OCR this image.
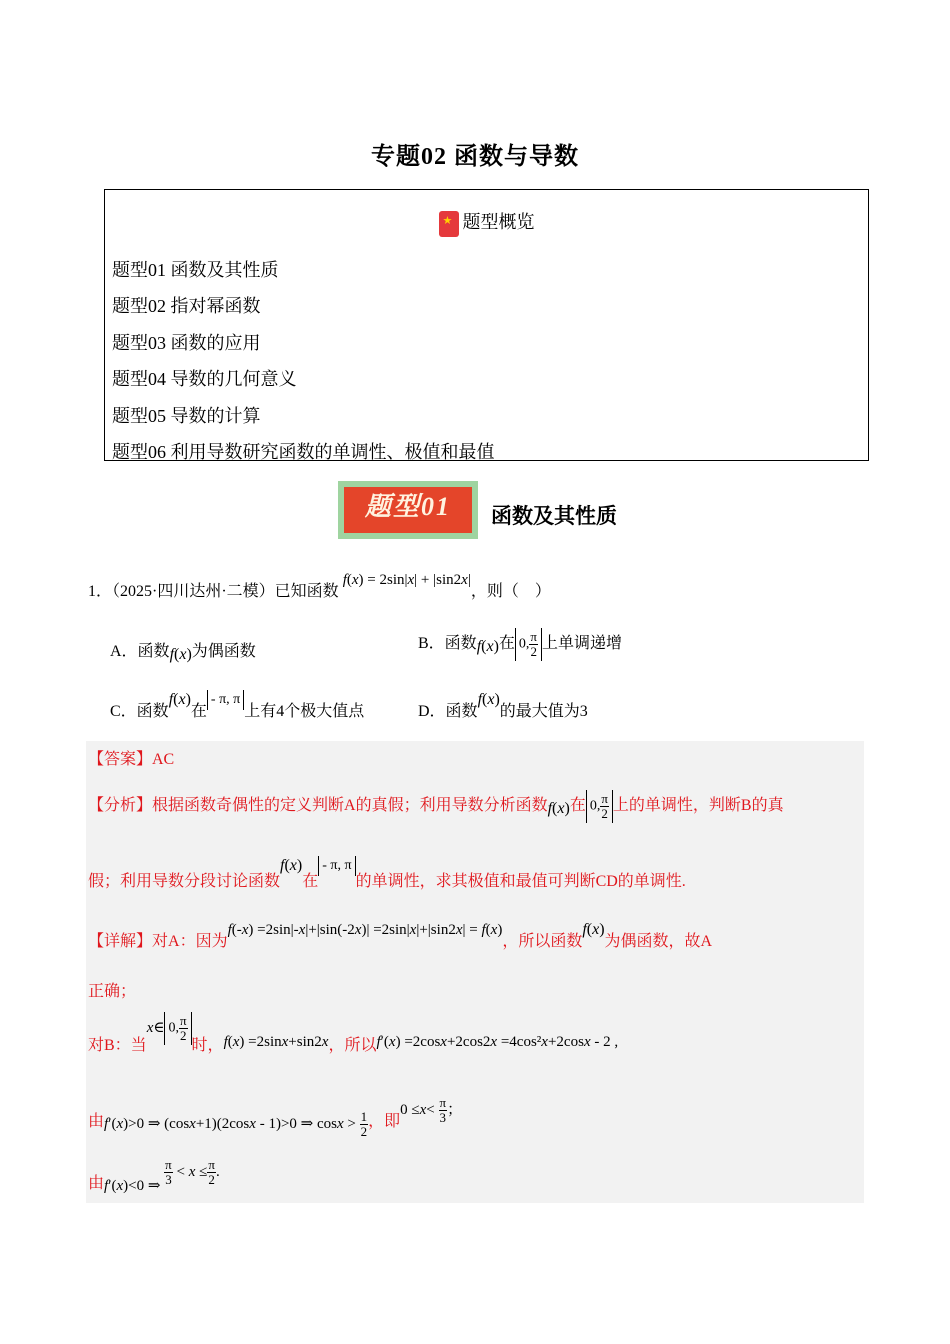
专题02 函数与导数
★ 题型概览
题型01 函数及其性质
题型02 指对幂函数
题型03 函数的应用
题型04 导数的几何意义
题型05 导数的计算
题型06 利用导数研究函数的单调性、极值和最值
题型01	函数及其性质
1．（2025·四川达州·二模）已知函数 f(x) = 2sin|x| + |sin2x|，则（　）
A．函数f(x)为偶函数	B．函数f(x)在 0, $\frac{\pi}{2}$ 上单调递增
C．函数f(x)在- π, π上有4个极大值点	D．函数f(x)的最大值为3
【答案】AC
【分析】根据函数奇偶性的定义判断A的真假；利用导数分析函数f(x)在 0, $\frac{\pi}{2}$ 上的单调性，判断B的真
假；利用导数分段讨论函数f(x)在- π, π的单调性，求其极值和最值可判断CD的单调性.
【详解】对A：因为f(-x) =2sin|-x|+|sin(-2x)| =2sin|x|+|sin2x| = f(x)，所以函数f(x)为偶函数，故A
正确；
对B：当x∈ 0, $\frac{\pi}{2}$
时，f(x) =2sinx+sin2x，所以f′(x) =2cosx+2cos2x =4cos²x+2cosx - 2 ,
由f′(x)>0 ⇒ (cosx+1)(2cosx - 1)>0 ⇒ $\cos x > \frac{1}{2}$ ，即$0 \le x< \frac{\pi}{3}$ ；
由f′(x)<0 ⇒ $\frac{\pi}{3} < x \le \frac{\pi}{2}$ .
